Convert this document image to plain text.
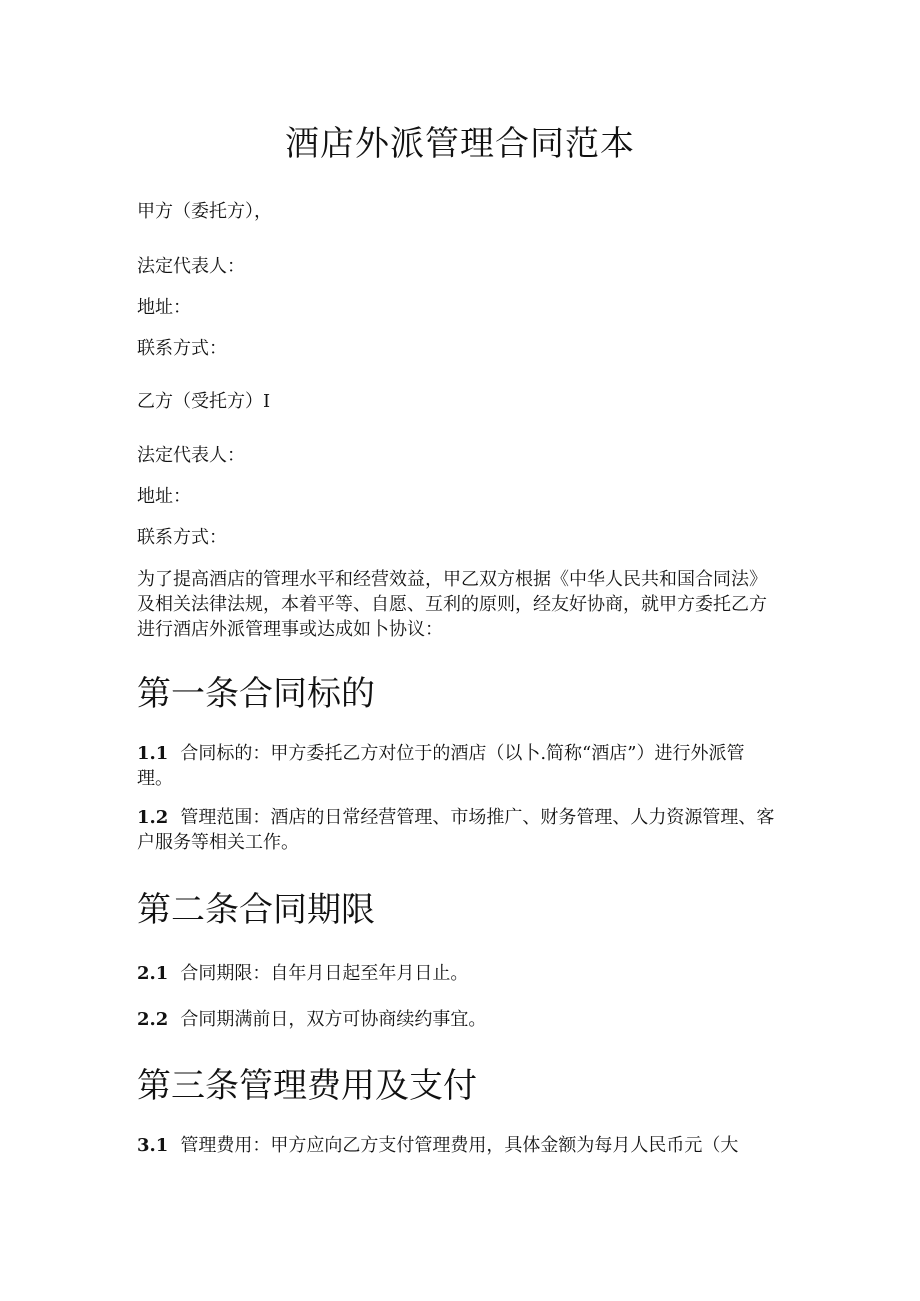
酒店外派管理合同范本
甲方（委托方），
法定代表人：
地址：
联系方式：
乙方（受托方）I
法定代表人：
地址：
联系方式：
为了提高酒店的管理水平和经营效益，甲乙双方根据《中华人民共和国合同法》及相关法律法规，本着平等、自愿、互利的原则，经友好协商，就甲方委托乙方进行酒店外派管理事或达成如卜协议：
第一条合同标的
1.1 合同标的：甲方委托乙方对位于的酒店（以卜.简称“酒店”）进行外派管理。
1.2 管理范围：酒店的日常经营管理、市场推广、财务管理、人力资源管理、客户服务等相关工作。
第二条合同期限
2.1 合同期限：自年月日起至年月日止。
2.2 合同期满前日，双方可协商续约事宜。
第三条管理费用及支付
3.1 管理费用：甲方应向乙方支付管理费用，具体金额为每月人民币元（大
